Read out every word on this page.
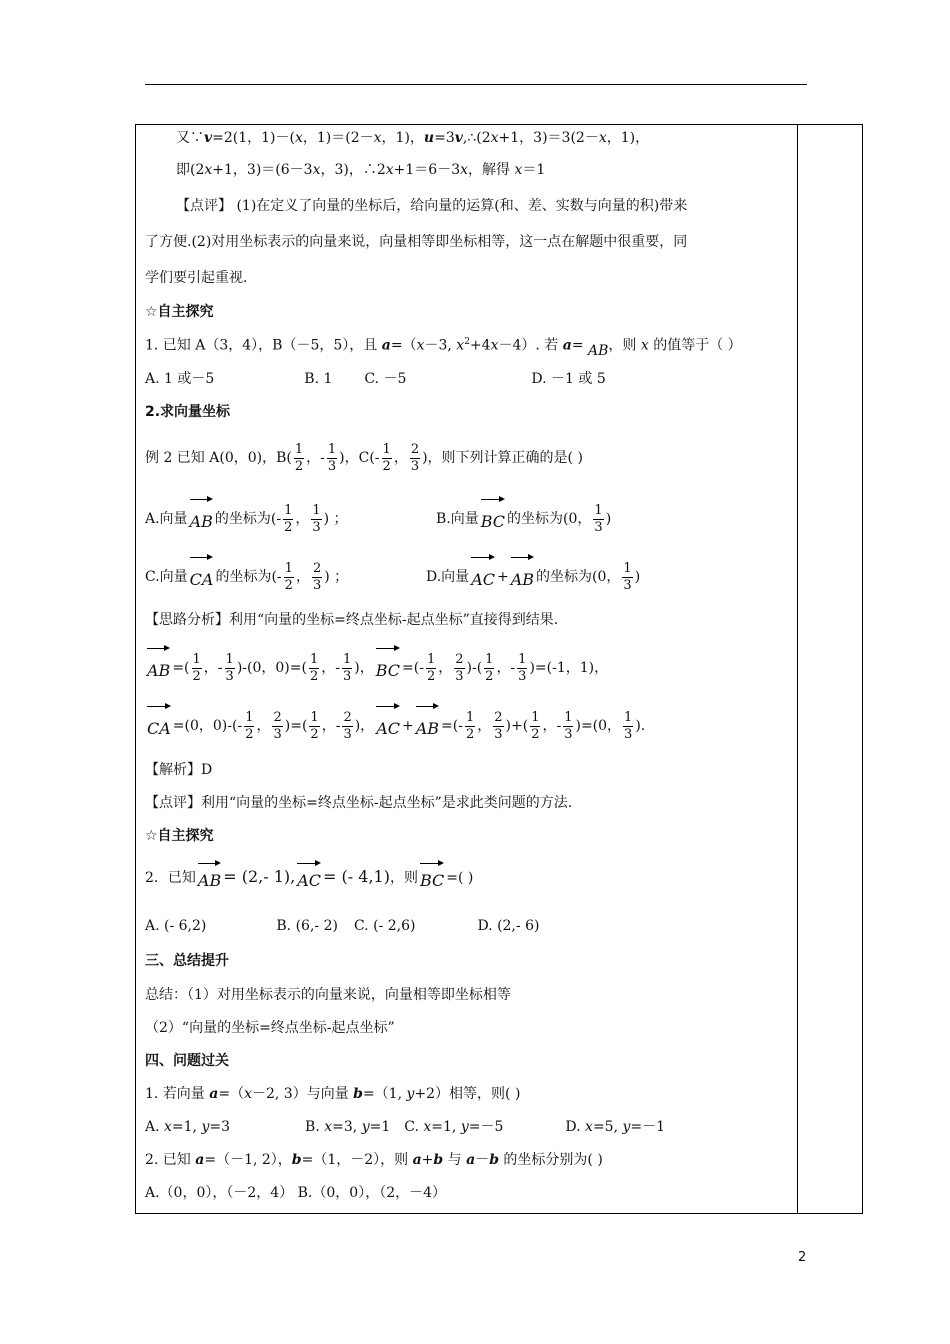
又∵v=2(1，1)－(x，1)＝(2－x，1)，u=3v,∴(2x+1，3)＝3(2－x，1)，
即(2x+1，3)＝(6－3x，3)，∴2x+1＝6－3x，解得 x＝1
【点评】 (1)在定义了向量的坐标后，给向量的运算(和、差、实数与向量的积)带来
了方便.(2)对用坐标表示的向量来说，向量相等即坐标相等，这一点在解题中很重要，同
学们要引起重视.
☆自主探究
1. 已知 A（3，4），B（－5，5），且 a=（x－3, $x^2+4x-4$）. 若 a= AB，则 x 的值等于（ ）
A. 1 或－5	B. 1 C. －5	D. －1 或 5
2.求向量坐标
例 2 已知 A(0，0)，$B( \frac{1}{2}$ ，- $\frac{1}{3}$ )，$C(- \frac{1}{2}$ ， $\frac{2}{3}$ )，则下列计算正确的是( )
A.向量 AB 的坐标为(- $\frac{1}{2}$ ， $\frac{1}{3}$ ) ；	B.向量 BC 的坐标为(0， $\frac{1}{3}$ )
C.向量 CA 的坐标为(- $\frac{1}{2}$ ， $\frac{2}{3}$ ) ；	D.向量 AC + AB 的坐标为(0， $\frac{1}{3}$ )
【思路分析】利用“向量的坐标=终点坐标-起点坐标”直接得到结果.
AB =( $\frac{1}{2}$ ，- $\frac{1}{3} )-(0$，$0)=( \frac{1}{2}$ ，- $\frac{1}{3}$ )， BC =(- $\frac{1}{2}$ ， $\frac{2}{3}$ )-( $\frac{1}{2}$ ，- $\frac{1}{3} )=(-1$，1)，
CA =(0，$0)-(- \frac{1}{2}$ ， $\frac{2}{3}$ )=( $\frac{1}{2}$ ，- $\frac{2}{3}$ )， AC + AB =(- $\frac{1}{2}$ ， $\frac{2}{3}$ )+( $\frac{1}{2}$ ，- $\frac{1}{3} )=(0$， $\frac{1}{3}$ ).
【解析】D
【点评】利用“向量的坐标=终点坐标-起点坐标”是求此类问题的方法.
☆自主探究
2．已知 AB = (2,- 1), AC = (- 4,1)，则 BC =( )
A. (- 6,2)	B. (6,- 2) C. (- 2,6)	D. (2,- 6)
三、总结提升
总结：（1）对用坐标表示的向量来说，向量相等即坐标相等
（2）“向量的坐标=终点坐标-起点坐标”
四、问题过关
1. 若向量 a=（x－2, 3）与向量 b=（1, y+2）相等，则( )
A. x=1, y=3	B. x=3, y=1 C. x=1, y=－5	D. x=5, y=－1
2. 已知 a=（－1, 2），b=（1，－2），则 a+b 与 a－b 的坐标分别为( )
A.（0，0），（－2，4） B.（0，0），（2，－4）
2
